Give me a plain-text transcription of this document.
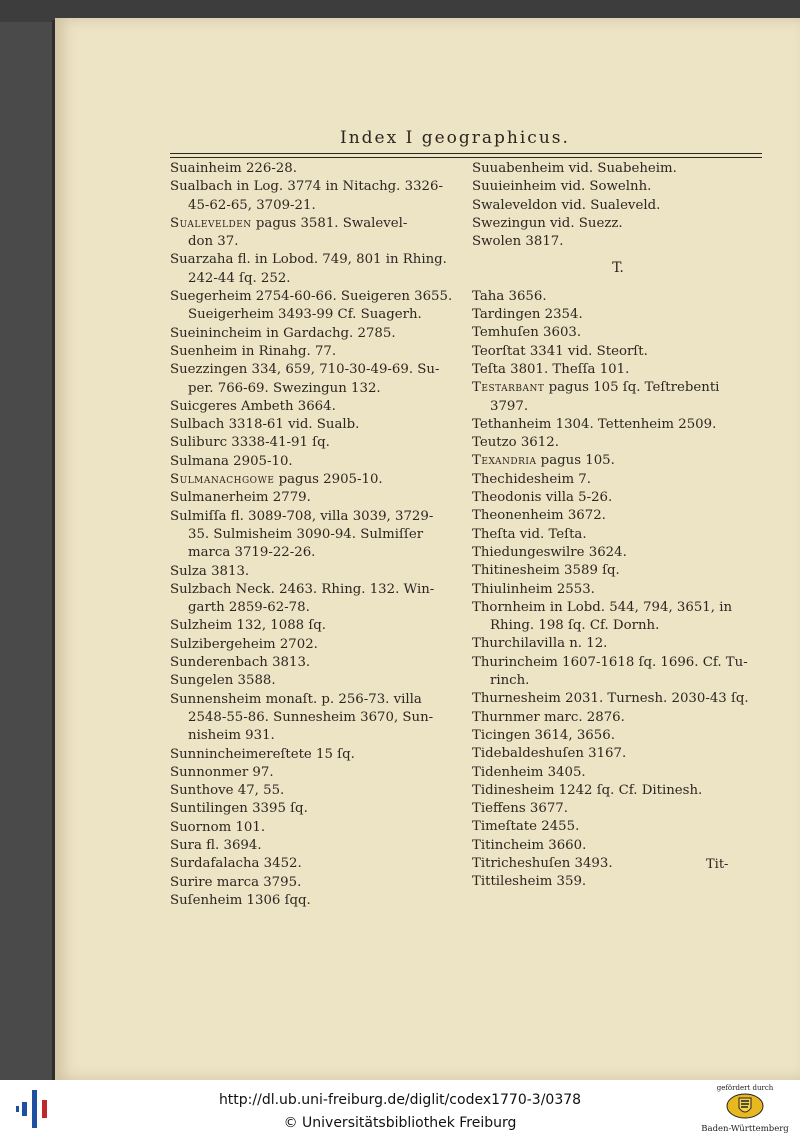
Index I geographicus.
Suainheim 226-28.
Sualbach in Log. 3774 in Nitachg. 3326-
45-62-65, 3709-21.
Sualevelden pagus 3581. Swalevel-
don 37.
Suarzaha fl. in Lobod. 749, 801 in Rhing.
242-44 ſq. 252.
Suegerheim 2754-60-66. Sueigeren 3655.
Sueigerheim 3493-99 Cf. Suagerh.
Sueinincheim in Gardachg. 2785.
Suenheim in Rinahg. 77.
Suezzingen 334, 659, 710-30-49-69. Su-
per. 766-69. Swezingun 132.
Suicgeres Ambeth 3664.
Sulbach 3318-61 vid. Sualb.
Suliburc 3338-41-91 ſq.
Sulmana 2905-10.
Sulmanachgowe pagus 2905-10.
Sulmanerheim 2779.
Sulmiſſa fl. 3089-708, villa 3039, 3729-
35. Sulmisheim 3090-94. Sulmiſſer
marca 3719-22-26.
Sulza 3813.
Sulzbach Neck. 2463. Rhing. 132. Win-
garth 2859-62-78.
Sulzheim 132, 1088 ſq.
Sulzibergeheim 2702.
Sunderenbach 3813.
Sungelen 3588.
Sunnensheim monaſt. p. 256-73. villa
2548-55-86. Sunnesheim 3670, Sun-
nisheim 931.
Sunnincheimereſtete 15 ſq.
Sunnonmer 97.
Sunthove 47, 55.
Suntilingen 3395 ſq.
Suornom 101.
Sura fl. 3694.
Surdafalacha 3452.
Surire marca 3795.
Suſenheim 1306 ſqq.
Suuabenheim vid. Suabeheim.
Suuieinheim vid. Sowelnh.
Swaleveldon vid. Sualeveld.
Swezingun vid. Suezz.
Swolen 3817.
T.
Taha 3656.
Tardingen 2354.
Temhuſen 3603.
Teorſtat 3341 vid. Steorſt.
Teſta 3801. Theſſa 101.
Testarbant pagus 105 ſq. Teſtrebenti
3797.
Tethanheim 1304. Tettenheim 2509.
Teutzo 3612.
Texandria pagus 105.
Thechidesheim 7.
Theodonis villa 5-26.
Theonenheim 3672.
Theſta vid. Teſta.
Thiedungeswilre 3624.
Thitinesheim 3589 ſq.
Thiulinheim 2553.
Thornheim in Lobd. 544, 794, 3651, in
Rhing. 198 ſq. Cf. Dornh.
Thurchilavilla n. 12.
Thurincheim 1607-1618 ſq. 1696. Cf. Tu-
rinch.
Thurnesheim 2031. Turnesh. 2030-43 ſq.
Thurnmer marc. 2876.
Ticingen 3614, 3656.
Tidebaldeshuſen 3167.
Tidenheim 3405.
Tidinesheim 1242 ſq. Cf. Ditinesh.
Tieffens 3677.
Timeſtate 2455.
Titincheim 3660.
Titricheshuſen 3493.
Tittilesheim 359.
Tit-
http://dl.ub.uni-freiburg.de/diglit/codex1770-3/0378
© Universitätsbibliothek Freiburg
gefördert durch
Baden-Württemberg
